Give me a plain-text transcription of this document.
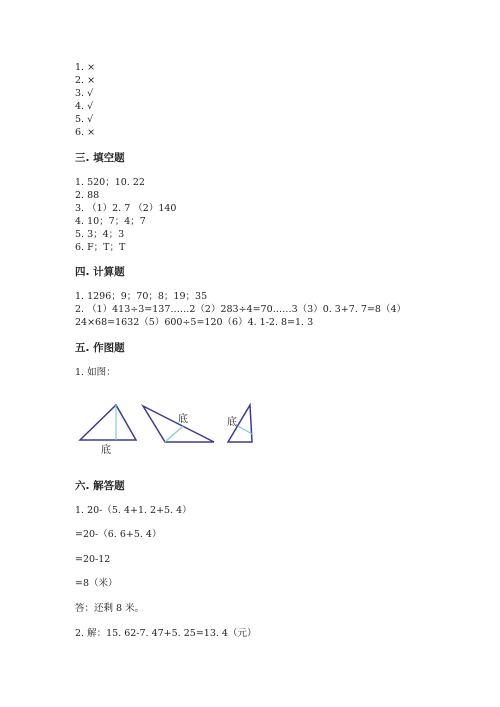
1. ×

2. ×

3. √

4. √

5. √

6. ×

三. 填空题

1. 520；10. 22

2. 88

3. （1）2. 7 （2）140

4. 10；7；4；7

5. 3；4；3

6. F；T；T

四. 计算题

1. 1296；9；70；8；19；35

2. （1）413÷3=137……2（2）283÷4=70……3（3）0. 3+7. 7=8（4）

24×68=1632（5）600÷5=120（6）4. 1-2. 8=1. 3

五. 作图题

1. 如图：

底
底	底

六. 解答题

1. 20-（5. 4+1. 2+5. 4）

=20-（6. 6+5. 4）

=20-12

=8（米）

答：还剩 8 米。

2. 解：15. 62-7. 47+5. 25=13. 4（元）
